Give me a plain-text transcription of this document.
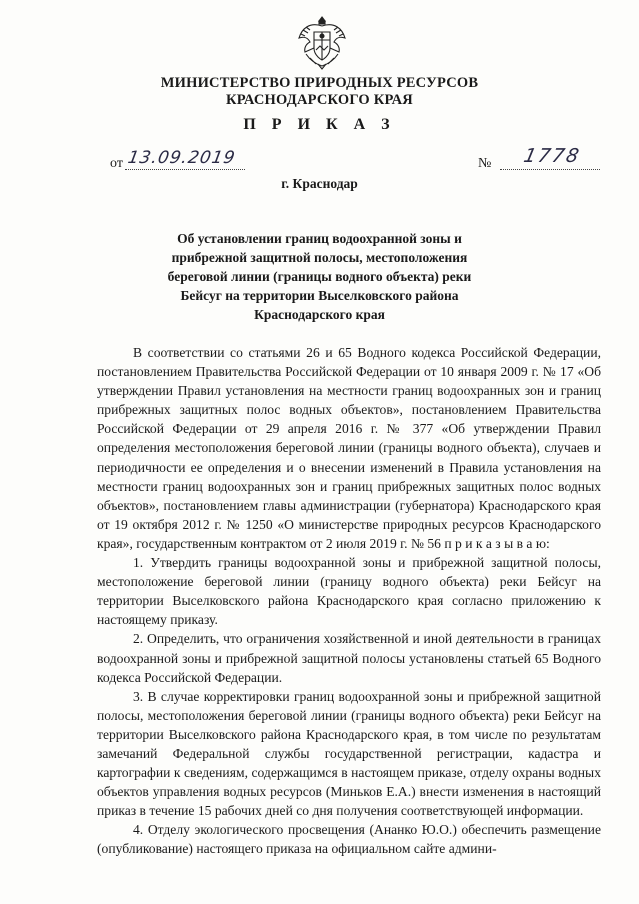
МИНИСТЕРСТВО ПРИРОДНЫХ РЕСУРСОВ
КРАСНОДАРСКОГО КРАЯ
П Р И К А З
от 13.09.2019	№ 1778
г. Краснодар
Об установлении границ водоохранной зоны и
прибрежной защитной полосы, местоположения
береговой линии (границы водного объекта) реки
Бейсуг на территории Выселковского района
Краснодарского края

В соответствии со статьями 26 и 65 Водного кодекса Российской Федерации, постановлением Правительства Российской Федерации от 10 января 2009 г. № 17 «Об утверждении Правил установления на местности границ водоохранных зон и границ прибрежных защитных полос водных объектов», постановлением Правительства Российской Федерации от 29 апреля 2016 г. № 377 «Об утверждении Правил определения местоположения береговой линии (границы водного объекта), случаев и периодичности ее определения и о внесении изменений в Правила установления на местности границ водоохранных зон и границ прибрежных защитных полос водных объектов», постановлением главы администрации (губернатора) Краснодарского края от 19 октября 2012 г. № 1250 «О министерстве природных ресурсов Краснодарского края», государственным контрактом от 2 июля 2019 г. № 56 п р и к а з ы в а ю:

1. Утвердить границы водоохранной зоны и прибрежной защитной полосы, местоположение береговой линии (границу водного объекта) реки Бейсуг на территории Выселковского района Краснодарского края согласно приложению к настоящему приказу.

2. Определить, что ограничения хозяйственной и иной деятельности в границах водоохранной зоны и прибрежной защитной полосы установлены статьей 65 Водного кодекса Российской Федерации.

3. В случае корректировки границ водоохранной зоны и прибрежной защитной полосы, местоположения береговой линии (границы водного объекта) реки Бейсуг на территории Выселковского района Краснодарского края, в том числе по результатам замечаний Федеральной службы государственной регистрации, кадастра и картографии к сведениям, содержащимся в настоящем приказе, отделу охраны водных объектов управления водных ресурсов (Миньков Е.А.) внести изменения в настоящий приказ в течение 15 рабочих дней со дня получения соответствующей информации.

4. Отделу экологического просвещения (Ананко Ю.О.) обеспечить размещение (опубликование) настоящего приказа на официальном сайте админи-
